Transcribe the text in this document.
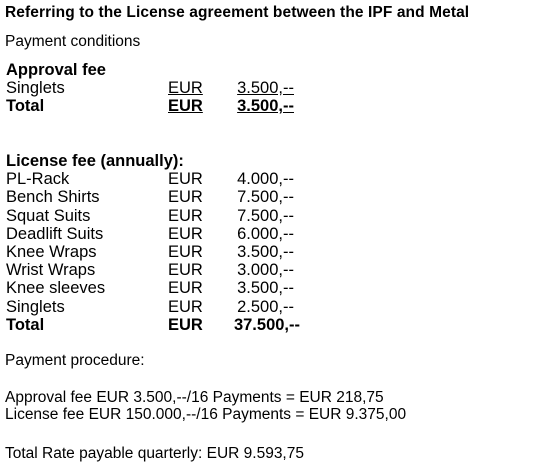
Referring to the License agreement between the IPF and Metal
Payment conditions
Approval fee
Singlets	EUR 3.500,--
Total	EUR 3.500,--
License fee (annually):
PL-Rack	EUR 4.000,--
Bench Shirts	EUR 7.500,--
Squat Suits	EUR 7.500,--
Deadlift Suits	EUR 6.000,--
Knee Wraps	EUR 3.500,--
Wrist Wraps	EUR 3.000,--
Knee sleeves	EUR 3.500,--
Singlets	EUR 2.500,--
Total	EUR 37.500,--
Payment procedure:
Approval fee EUR 3.500,--/16 Payments = EUR 218,75
License fee EUR 150.000,--/16 Payments = EUR 9.375,00
Total Rate payable quarterly: EUR 9.593,75
